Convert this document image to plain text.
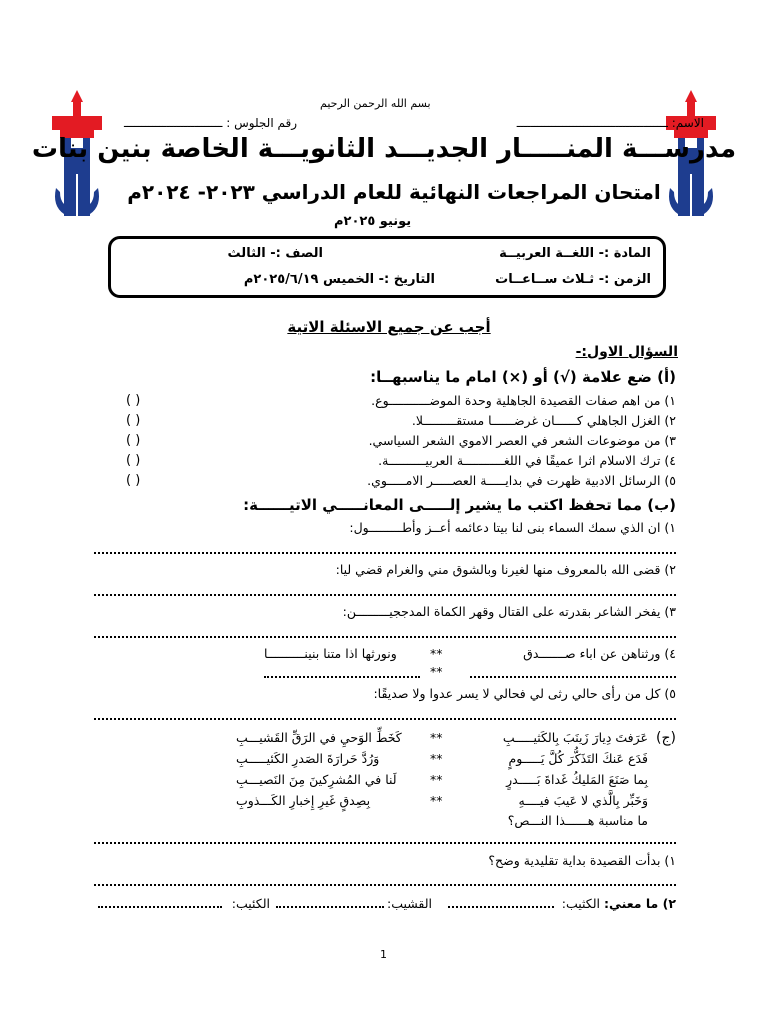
بسم الله الرحمن الرحيم
الاسم: ـــــــــــــــــــــــــــــــــــــــــــ
رقم الجلوس : ــــــــــــــــــــــــــــ
مدرســـة المنـــــار الجديـــد الثانويـــة الخاصة بنين بنات
امتحان المراجعات النهائية للعام الدراسي ٢٠٢٣- ٢٠٢٤م
يونيو ٢٠٢٥م
المادة :- اللغــة العربيــة
الصف :- الثالث
الزمن :- ثـلاث ســاعــات
التاريخ :- الخميس ٢٠٢٥/٦/١٩م
أجب عن جميع الاسئلة الاتية
السؤال الاول:-
(أ) ضع علامة (√) أو (×) امام ما يناسبهــا:
١) من اهم صفات القصيدة الجاهلية وحدة الموضـــــــــــوع.
٢) الغزل الجاهلي كــــــان غرضــــــا مستقـــــــــلا.
٣) من موضوعات الشعر في العصر الاموي الشعر السياسي.
٤) ترك الاسلام اثرا عميقًا في اللغـــــــــــة العربيــــــــــة.
٥) الرسائل الادبية ظهرت في بدايـــــة العصـــــر الامـــــوي.
( )
( )
( )
( )
( )
(ب) مما تحفظ اكتب ما يشير إلـــــى المعانـــــي الاتيــــــة:
١) ان الذي سمك السماء بنى لنا بيتا دعائمه أعــز وأطـــــــــول:
٢) قضى الله بالمعروف منها لغيرنا وبالشوق مني والغرام قضي ليا:
٣) يفخر الشاعر بقدرته على القتال وقهر الكماة المدججيـــــــــن:
٤) ورثناهن عن اباء صـــــــدق
**
ونورثها اذا متنا بنينــــــــــا
**
٥) كل من رأى حالي رثى لي فحالي لا يسر عدوا ولا صديقًا:
(ج)
عَرَفتَ دِيارَ زَينَبَ بِالكَثيـــــبِ
**
كَخَطِّ الوَحيِ في الرَقِّ القَشيـــبِ
فَدَع عَنكَ التَذَكُّرَ كُلَّ يَـــــومٍ
**
وَرُدَّ حَرارَةَ الصَدرِ الكَئيـــــبِ
بِما صَنَعَ المَليكُ غَداةَ بَـــــدرٍ
**
لَنا في المُشرِكينَ مِنَ النَصيـــبِ
وَخَبِّر بِالَّذي لا عَيبَ فيــــهِ
**
بِصِدقٍ غَيرِ إِخبارِ الكَـــذوبِ
ما مناسبة هــــــذا النـــص؟
١) بدأت القصيدة بداية تقليدية وضح؟
٢) ما معني:
الكثيب:
القشيب:
الكئيب:
1
